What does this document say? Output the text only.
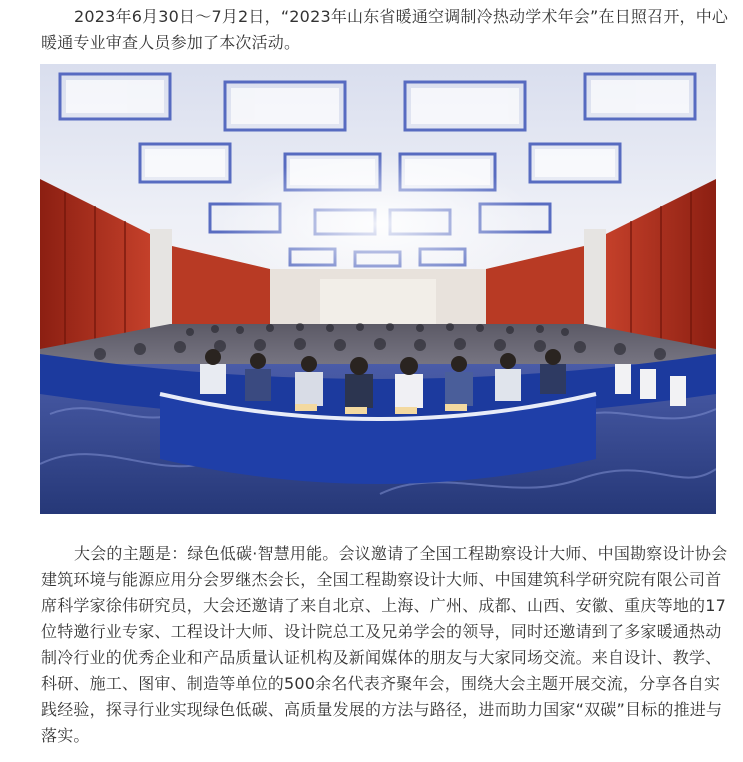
2023年6月30日～7月2日，“2023年山东省暖通空调制冷热动学术年会”在日照召开，中心暖通专业审查人员参加了本次活动。

大会的主题是：绿色低碳·智慧用能。会议邀请了全国工程勘察设计大师、中国勘察设计协会建筑环境与能源应用分会罗继杰会长，全国工程勘察设计大师、中国建筑科学研究院有限公司首席科学家徐伟研究员，大会还邀请了来自北京、上海、广州、成都、山西、安徽、重庆等地的17位特邀行业专家、工程设计大师、设计院总工及兄弟学会的领导，同时还邀请到了多家暖通热动制冷行业的优秀企业和产品质量认证机构及新闻媒体的朋友与大家同场交流。来自设计、教学、科研、施工、图审、制造等单位的500余名代表齐聚年会，围绕大会主题开展交流，分享各自实践经验，探寻行业实现绿色低碳、高质量发展的方法与路径，进而助力国家“双碳”目标的推进与落实。
